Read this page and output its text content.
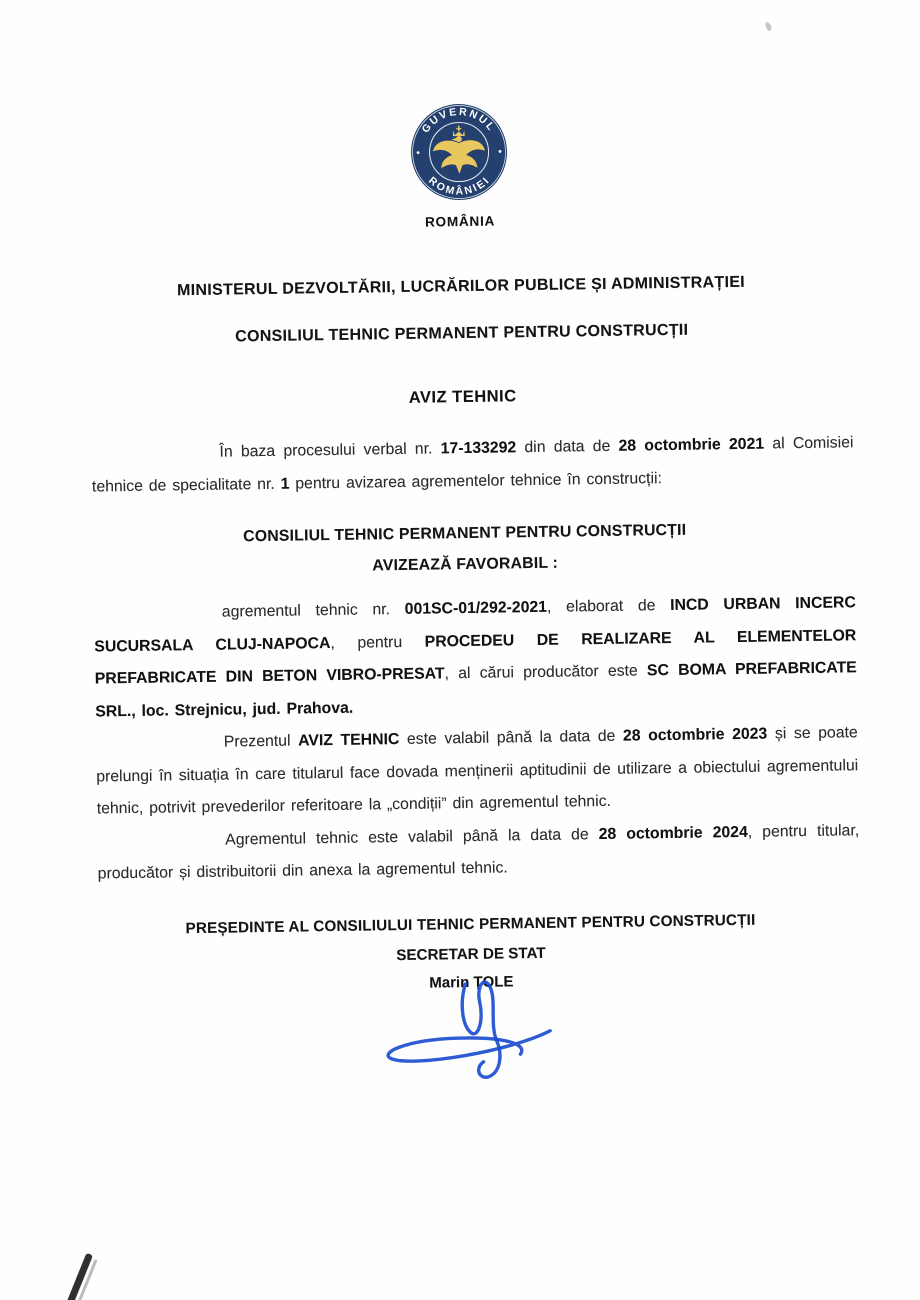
GUVERNUL
ROMÂNIEI
ROMÂNIA
MINISTERUL DEZVOLTĂRII, LUCRĂRILOR PUBLICE ȘI ADMINISTRAȚIEI
CONSILIUL TEHNIC PERMANENT PENTRU CONSTRUCȚII
AVIZ TEHNIC

În baza procesului verbal nr. 17-133292 din data de 28 octombrie 2021 al Comisiei tehnice de specialitate nr. 1 pentru avizarea agrementelor tehnice în construcții:

CONSILIUL TEHNIC PERMANENT PENTRU CONSTRUCȚII
AVIZEAZĂ FAVORABIL :

agrementul tehnic nr. 001SC-01/292-2021, elaborat de INCD URBAN INCERC SUCURSALA CLUJ-NAPOCA, pentru PROCEDEU DE REALIZARE AL ELEMENTELOR PREFABRICATE DIN BETON VIBRO-PRESAT, al cărui producător este SC BOMA PREFABRICATE SRL., loc. Strejnicu, jud. Prahova.

Prezentul AVIZ TEHNIC este valabil până la data de 28 octombrie 2023 și se poate prelungi în situația în care titularul face dovada menținerii aptitudinii de utilizare a obiectului agrementului tehnic, potrivit prevederilor referitoare la „condiții” din agrementul tehnic.

Agrementul tehnic este valabil până la data de 28 octombrie 2024, pentru titular, producător și distribuitorii din anexa la agrementul tehnic.

PREȘEDINTE AL CONSILIULUI TEHNIC PERMANENT PENTRU CONSTRUCȚII
SECRETAR DE STAT
Marin ȚOLE
